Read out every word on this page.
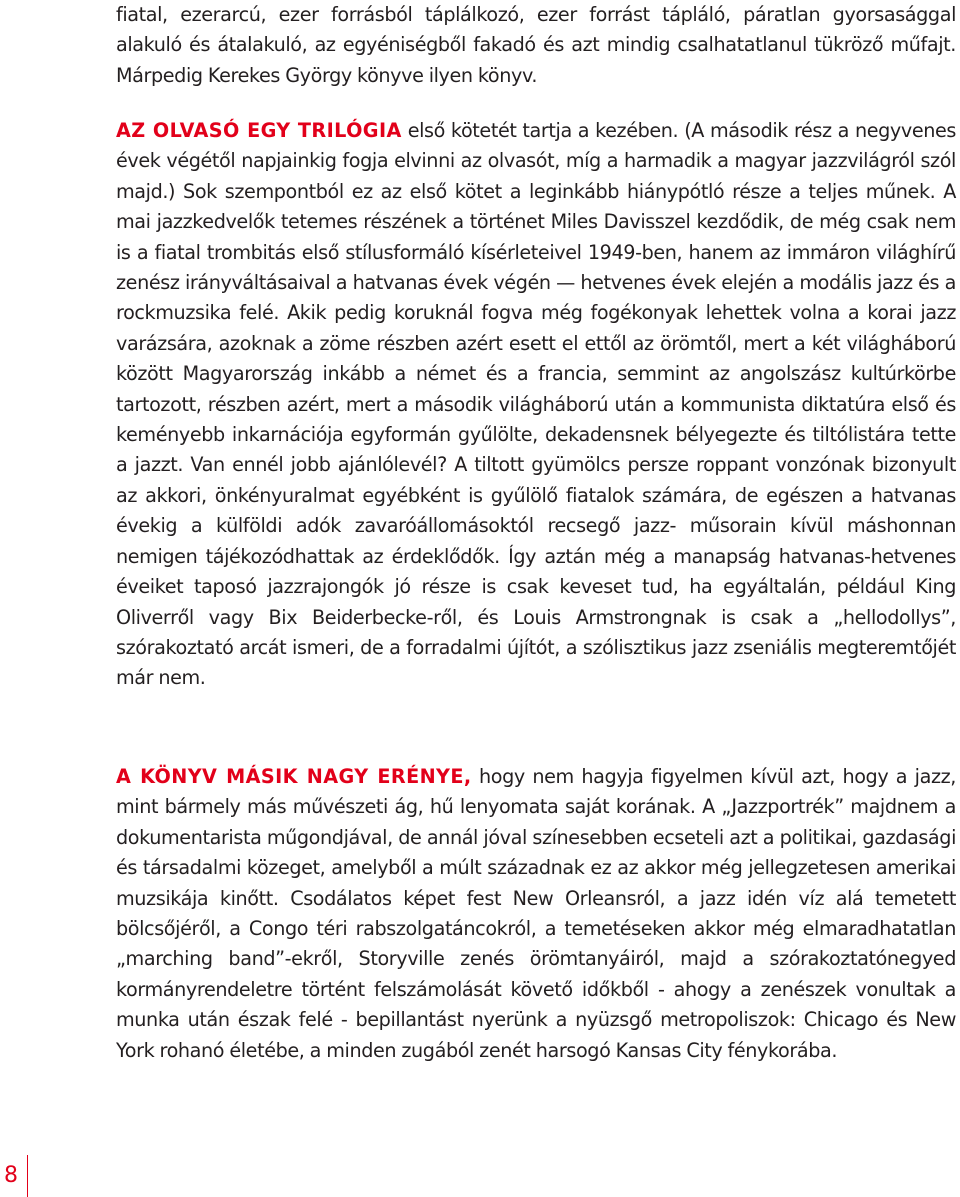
fiatal, ezerarcú, ezer forrásból táplálkozó, ezer forrást tápláló, páratlan gyorsasággal alakuló és átalakuló, az egyéniségből fakadó és azt mindig csalhatatlanul tükröző műfajt. Márpedig Kerekes György könyve ilyen könyv.

AZ OLVASÓ EGY TRILÓGIA első kötetét tartja a kezében. (A második rész a negyvenes évek végétől napjainkig fogja elvinni az olvasót, míg a harmadik a magyar jazzvilágról szól majd.) Sok szempontból ez az első kötet a leginkább hiánypótló része a teljes műnek. A mai jazzkedvelők tetemes részének a történet Miles Davisszel kezdődik, de még csak nem is a fiatal trombitás első stílusformáló kísérleteivel 1949-ben, hanem az immáron világhírű zenész irányváltásaival a hatvanas évek végén — hetvenes évek elején a modális jazz és a rockmuzsika felé. Akik pedig koruknál fogva még fogékonyak lehettek volna a korai jazz varázsára, azoknak a zöme részben azért esett el ettől az örömtől, mert a két világháború között Magyarország inkább a német és a francia, semmint az angolszász kultúrkörbe tartozott, részben azért, mert a második világháború után a kommunista diktatúra első és keményebb inkarnációja egyformán gyűlölte, dekadensnek bélyegezte és tiltólistára tette a jazzt. Van ennél jobb ajánlólevél? A tiltott gyümölcs persze roppant vonzónak bizonyult az akkori, önkényuralmat egyébként is gyűlölő fiatalok számára, de egészen a hatvanas évekig a külföldi adók zavaróállomásoktól recsegő jazz- műsorain kívül máshonnan nemigen tájékozódhattak az érdeklődők. Így aztán még a manapság hatvanas-hetvenes éveiket taposó jazzrajongók jó része is csak keveset tud, ha egyáltalán, például King Oliverről vagy Bix Beiderbecke-ről, és Louis Armstrongnak is csak a „hellodollys”, szórakoztató arcát ismeri, de a forradalmi újítót, a szólisztikus jazz zseniális megteremtőjét már nem.

A KÖNYV MÁSIK NAGY ERÉNYE, hogy nem hagyja figyelmen kívül azt, hogy a jazz, mint bármely más művészeti ág, hű lenyomata saját korának. A „Jazzportrék” majdnem a dokumentarista műgondjával, de annál jóval színesebben ecseteli azt a politikai, gazdasági és társadalmi közeget, amelyből a múlt századnak ez az akkor még jellegzetesen amerikai muzsikája kinőtt. Csodálatos képet fest New Orleansról, a jazz idén víz alá temetett bölcsőjéről, a Congo téri rabszolgatáncokról, a temetéseken akkor még elmaradhatatlan „marching band”-ekről, Storyville zenés örömtanyáiról, majd a szórakoztatónegyed kormányrendeletre történt felszámolását követő időkből - ahogy a zenészek vonultak a munka után észak felé - bepillantást nyerünk a nyüzsgő metropoliszok: Chicago és New York rohanó életébe, a minden zugából zenét harsogó Kansas City fénykorába.

8
